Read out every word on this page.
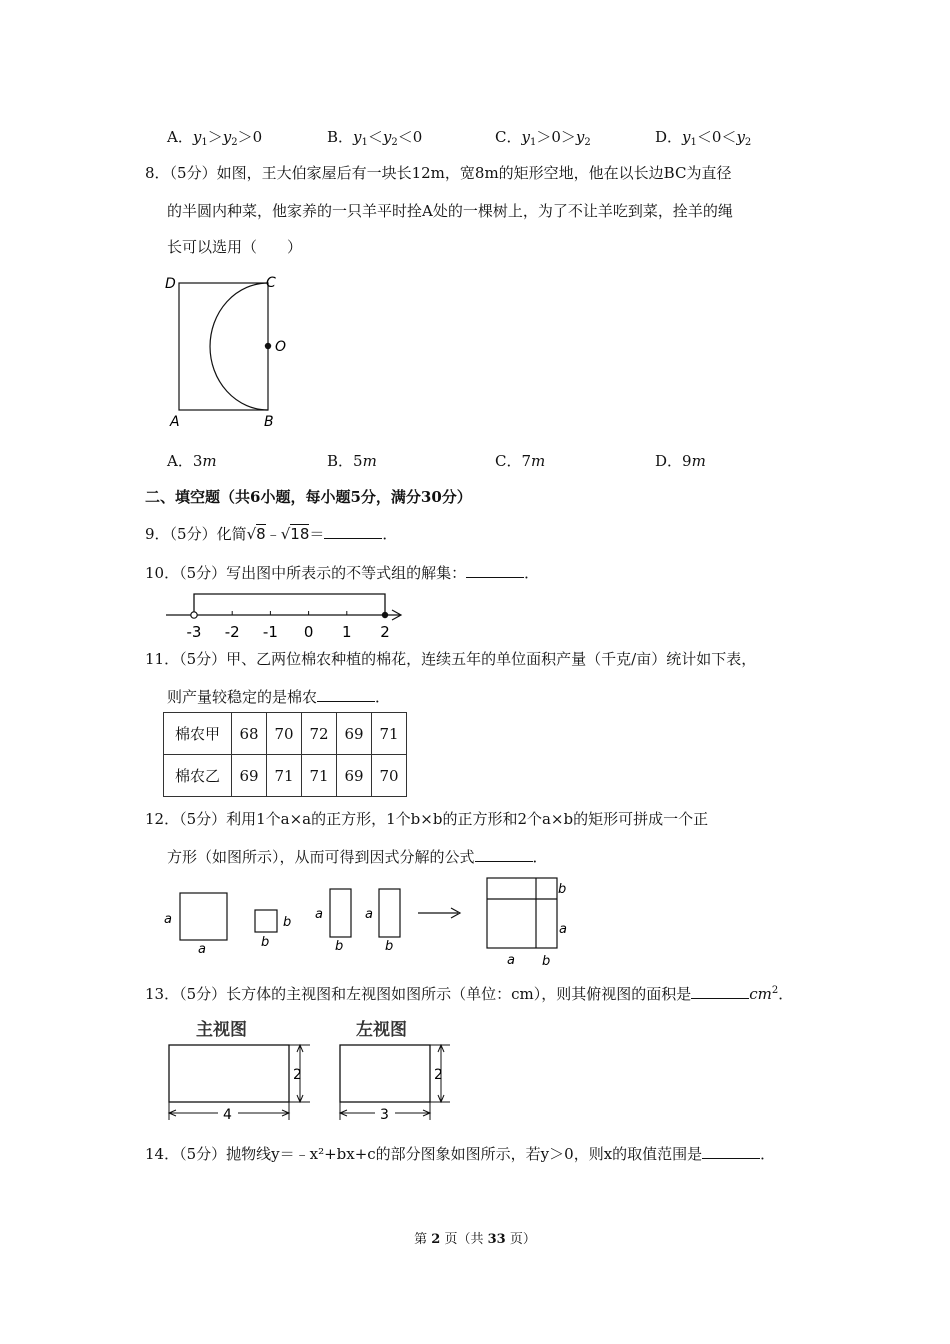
A．$y_1>y_2>0$	B．$y_1<y_2<0$	C．$y_1>0>y_2$	D．$y_1<0<y_2$
8．（5分）如图，王大伯家屋后有一块长12m，宽8m的矩形空地，他在以长边BC为直径
的半圆内种菜，他家养的一只羊平时拴A处的一棵树上，为了不让羊吃到菜，拴羊的绳
长可以选用（　　）
D	C
O
A	B
A．3m	B．5m	C．7m	D．9m
二、填空题（共6小题，每小题5分，满分30分）
9．（5分）化简√8﹣√18＝	．
10．（5分）写出图中所表示的不等式组的解集：	．
-3 -2 -1 0 1 2
11．（5分）甲、乙两位棉农种植的棉花，连续五年的单位面积产量（千克/亩）统计如下表，
则产量较稳定的是棉农	．
棉农甲	68	70	72	69	71
棉农乙	69	71	71	69	70
12．（5分）利用1个a×a的正方形，1个b×b的正方形和2个a×b的矩形可拼成一个正
方形（如图所示），从而可得到因式分解的公式	．
a
a
b
b
a
b
a
b
b
a
a b
13．（5分）长方体的主视图和左视图如图所示（单位：cm），则其俯视图的面积是	$cm^2$．
主视图
2
4
左视图
2
3
14．（5分）抛物线y＝﹣x²+bx+c的部分图象如图所示，若y＞0，则x的取值范围是	．
第 2 页（共 33 页）
